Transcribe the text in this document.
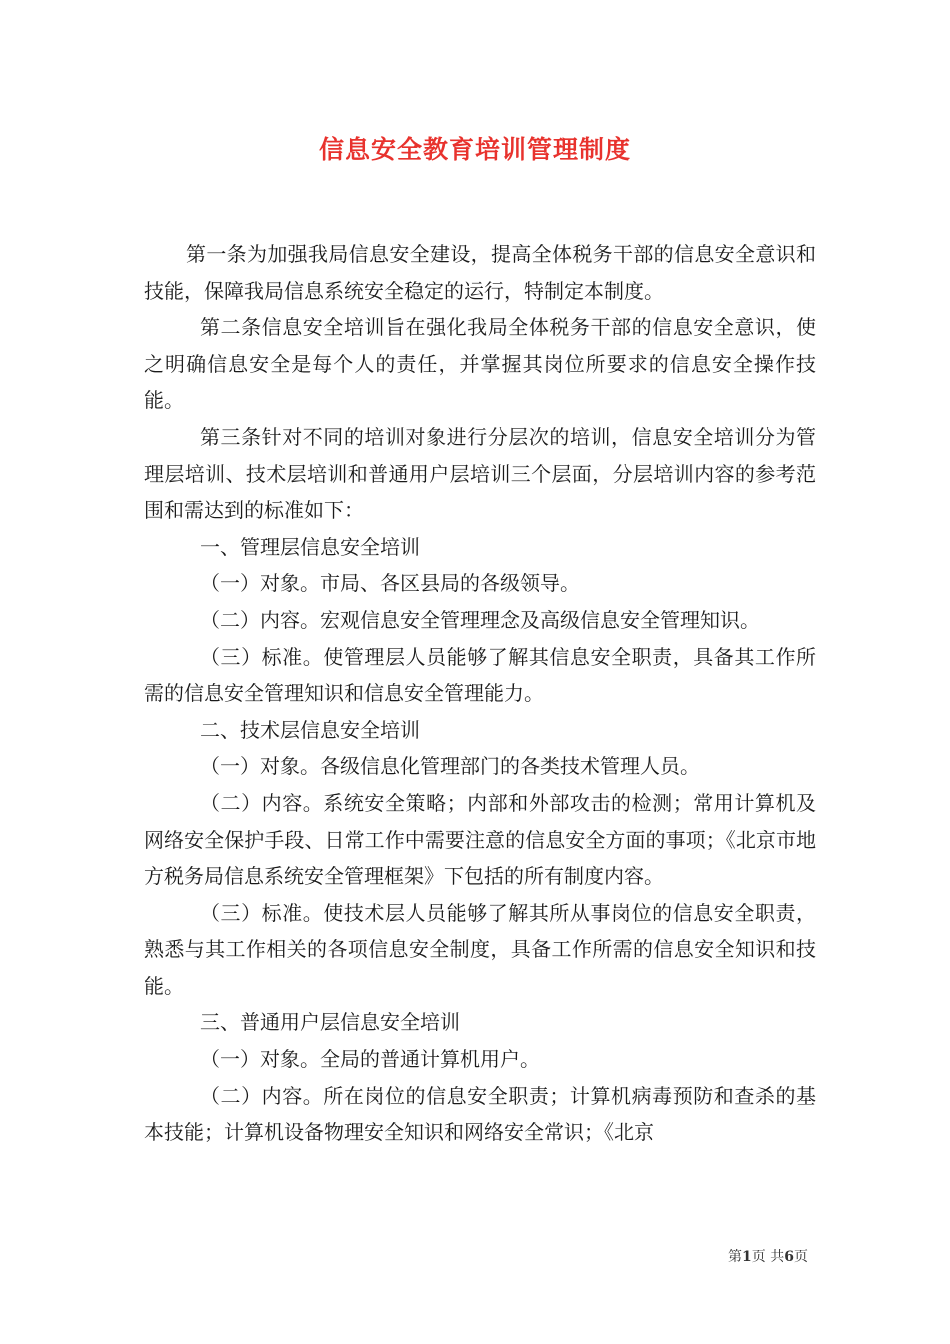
信息安全教育培训管理制度

第一条为加强我局信息安全建设，提高全体税务干部的信息安全意识和技能，保障我局信息系统安全稳定的运行，特制定本制度。

第二条信息安全培训旨在强化我局全体税务干部的信息安全意识，使之明确信息安全是每个人的责任，并掌握其岗位所要求的信息安全操作技能。

第三条针对不同的培训对象进行分层次的培训，信息安全培训分为管理层培训、技术层培训和普通用户层培训三个层面，分层培训内容的参考范围和需达到的标准如下：

一、管理层信息安全培训

（一）对象。市局、各区县局的各级领导。

（二）内容。宏观信息安全管理理念及高级信息安全管理知识。

（三）标准。使管理层人员能够了解其信息安全职责，具备其工作所需的信息安全管理知识和信息安全管理能力。

二、技术层信息安全培训

（一）对象。各级信息化管理部门的各类技术管理人员。

（二）内容。系统安全策略；内部和外部攻击的检测；常用计算机及网络安全保护手段、日常工作中需要注意的信息安全方面的事项；《北京市地方税务局信息系统安全管理框架》下包括的所有制度内容。

（三）标准。使技术层人员能够了解其所从事岗位的信息安全职责，熟悉与其工作相关的各项信息安全制度，具备工作所需的信息安全知识和技能。

三、普通用户层信息安全培训

（一）对象。全局的普通计算机用户。

（二）内容。所在岗位的信息安全职责；计算机病毒预防和查杀的基本技能；计算机设备物理安全知识和网络安全常识；《北京

第1页 共6页
